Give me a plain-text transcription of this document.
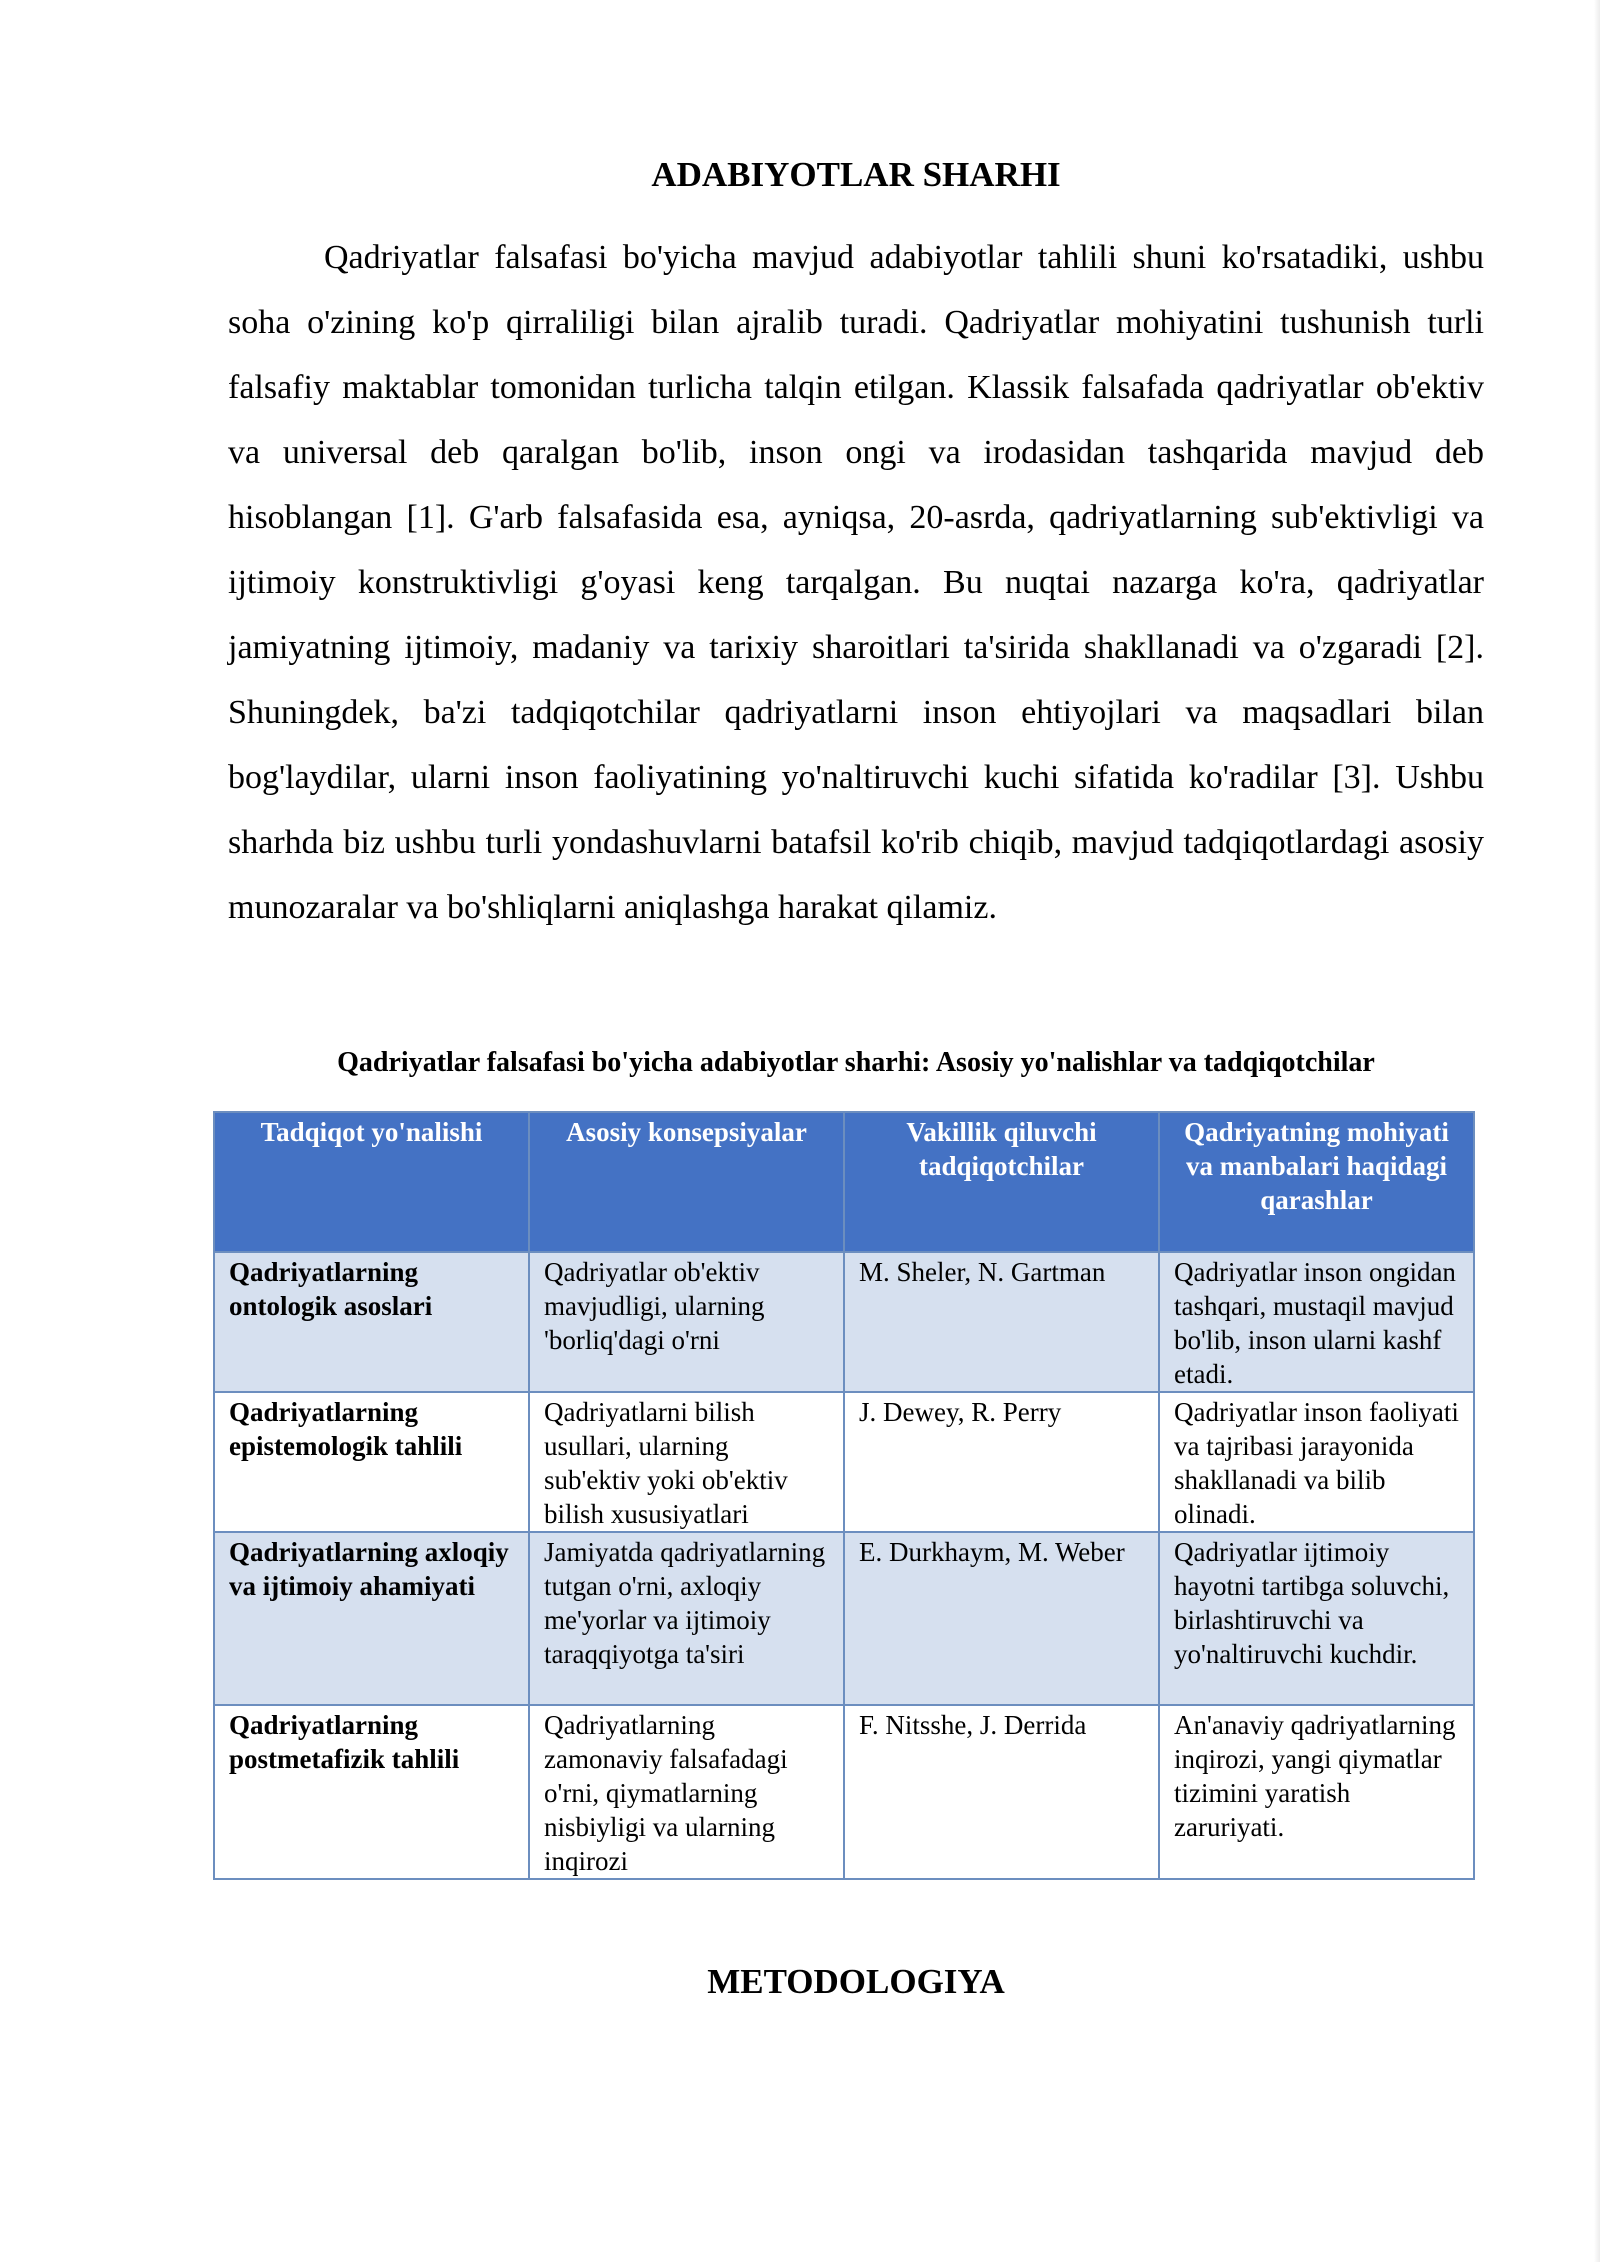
ADABIYOTLAR SHARHI

Qadriyatlar falsafasi bo'yicha mavjud adabiyotlar tahlili shuni ko'rsatadiki, ushbu soha o'zining ko'p qirraliligi bilan ajralib turadi. Qadriyatlar mohiyatini tushunish turli falsafiy maktablar tomonidan turlicha talqin etilgan. Klassik falsafada qadriyatlar ob'ektiv va universal deb qaralgan bo'lib, inson ongi va irodasidan tashqarida mavjud deb hisoblangan [1]. G'arb falsafasida esa, ayniqsa, 20-asrda, qadriyatlarning sub'ektivligi va ijtimoiy konstruktivligi g'oyasi keng tarqalgan. Bu nuqtai nazarga ko'ra, qadriyatlar jamiyatning ijtimoiy, madaniy va tarixiy sharoitlari ta'sirida shakllanadi va o'zgaradi [2]. Shuningdek, ba'zi tadqiqotchilar qadriyatlarni inson ehtiyojlari va maqsadlari bilan bog'laydilar, ularni inson faoliyatining yo'naltiruvchi kuchi sifatida ko'radilar [3]. Ushbu sharhda biz ushbu turli yondashuvlarni batafsil ko'rib chiqib, mavjud tadqiqotlardagi asosiy munozaralar va bo'shliqlarni aniqlashga harakat qilamiz.

Qadriyatlar falsafasi bo'yicha adabiyotlar sharhi: Asosiy yo'nalishlar va tadqiqotchilar

Tadqiqot yo'nalishi	Asosiy konsepsiyalar	Vakillik qiluvchi tadqiqotchilar	Qadriyatning mohiyati va manbalari haqidagi qarashlar
Qadriyatlarning ontologik asoslari	Qadriyatlar ob'ektiv mavjudligi, ularning 'borliq'dagi o'rni	M. Sheler, N. Gartman	Qadriyatlar inson ongidan tashqari, mustaqil mavjud bo'lib, inson ularni kashf etadi.
Qadriyatlarning epistemologik tahlili	Qadriyatlarni bilish usullari, ularning sub'ektiv yoki ob'ektiv bilish xususiyatlari	J. Dewey, R. Perry	Qadriyatlar inson faoliyati va tajribasi jarayonida shakllanadi va bilib olinadi.
Qadriyatlarning axloqiy va ijtimoiy ahamiyati	Jamiyatda qadriyatlarning tutgan o'rni, axloqiy me'yorlar va ijtimoiy taraqqiyotga ta'siri	E. Durkhaym, M. Weber	Qadriyatlar ijtimoiy hayotni tartibga soluvchi, birlashtiruvchi va yo'naltiruvchi kuchdir.
Qadriyatlarning postmetafizik tahlili	Qadriyatlarning zamonaviy falsafadagi o'rni, qiymatlarning nisbiyligi va ularning inqirozi	F. Nitsshe, J. Derrida	An'anaviy qadriyatlarning inqirozi, yangi qiymatlar tizimini yaratish zaruriyati.
METODOLOGIYA
